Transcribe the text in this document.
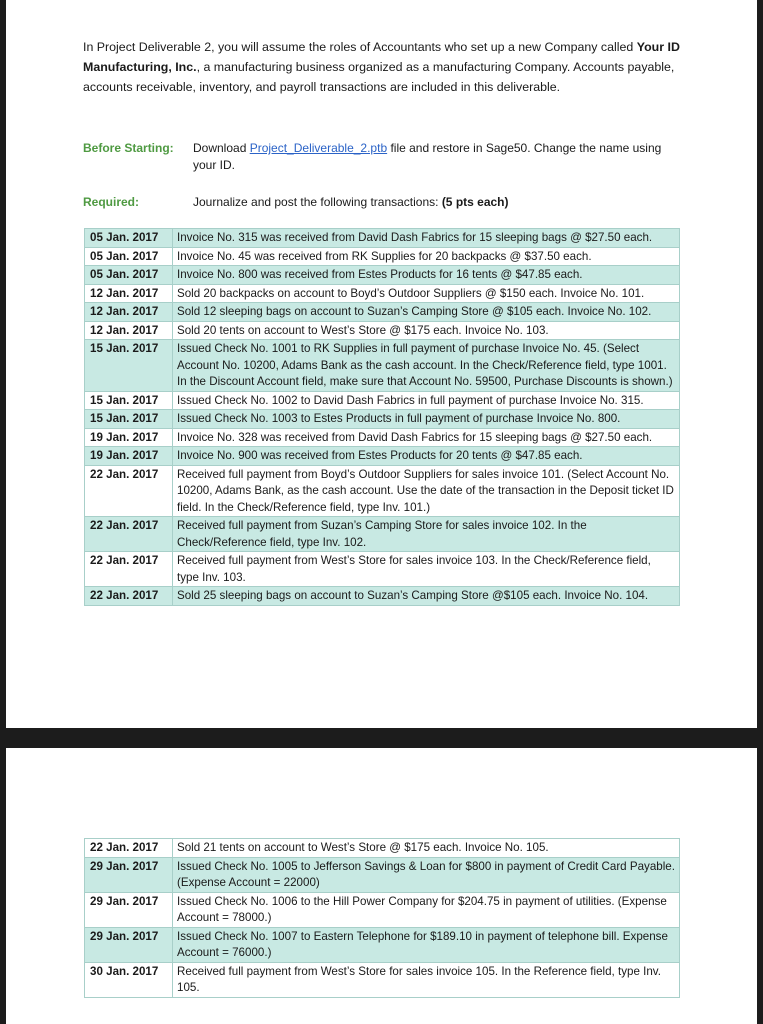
In Project Deliverable 2, you will assume the roles of Accountants who set up a new Company called Your ID Manufacturing, Inc., a manufacturing business organized as a manufacturing Company. Accounts payable, accounts receivable, inventory, and payroll transactions are included in this deliverable.
Before Starting: Download Project_Deliverable_2.ptb file and restore in Sage50. Change the name using your ID.
Required:	Journalize and post the following transactions: (5 pts each)
05 Jan. 2017	Invoice No. 315 was received from David Dash Fabrics for 15 sleeping bags @ $27.50 each.
05 Jan. 2017	Invoice No. 45 was received from RK Supplies for 20 backpacks @ $37.50 each.
05 Jan. 2017	Invoice No. 800 was received from Estes Products for 16 tents @ $47.85 each.
12 Jan. 2017	Sold 20 backpacks on account to Boyd’s Outdoor Suppliers @ $150 each. Invoice No. 101.
12 Jan. 2017	Sold 12 sleeping bags on account to Suzan’s Camping Store @ $105 each. Invoice No. 102.
12 Jan. 2017	Sold 20 tents on account to West’s Store @ $175 each. Invoice No. 103.
15 Jan. 2017	Issued Check No. 1001 to RK Supplies in full payment of purchase Invoice No. 45. (Select Account No. 10200, Adams Bank as the cash account. In the Check/Reference field, type 1001. In the Discount Account field, make sure that Account No. 59500, Purchase Discounts is shown.)
15 Jan. 2017	Issued Check No. 1002 to David Dash Fabrics in full payment of purchase Invoice No. 315.
15 Jan. 2017	Issued Check No. 1003 to Estes Products in full payment of purchase Invoice No. 800.
19 Jan. 2017	Invoice No. 328 was received from David Dash Fabrics for 15 sleeping bags @ $27.50 each.
19 Jan. 2017	Invoice No. 900 was received from Estes Products for 20 tents @ $47.85 each.
22 Jan. 2017	Received full payment from Boyd’s Outdoor Suppliers for sales invoice 101. (Select Account No. 10200, Adams Bank, as the cash account. Use the date of the transaction in the Deposit ticket ID field. In the Check/Reference field, type Inv. 101.)
22 Jan. 2017	Received full payment from Suzan’s Camping Store for sales invoice 102. In the Check/Reference field, type Inv. 102.
22 Jan. 2017	Received full payment from West’s Store for sales invoice 103. In the Check/Reference field, type Inv. 103.
22 Jan. 2017	Sold 25 sleeping bags on account to Suzan’s Camping Store @$105 each. Invoice No. 104.
22 Jan. 2017	Sold 21 tents on account to West’s Store @ $175 each. Invoice No. 105.
29 Jan. 2017	Issued Check No. 1005 to Jefferson Savings & Loan for $800 in payment of Credit Card Payable. (Expense Account = 22000)
29 Jan. 2017	Issued Check No. 1006 to the Hill Power Company for $204.75 in payment of utilities. (Expense Account = 78000.)
29 Jan. 2017	Issued Check No. 1007 to Eastern Telephone for $189.10 in payment of telephone bill. Expense Account = 76000.)
30 Jan. 2017	Received full payment from West’s Store for sales invoice 105. In the Reference field, type Inv. 105.
